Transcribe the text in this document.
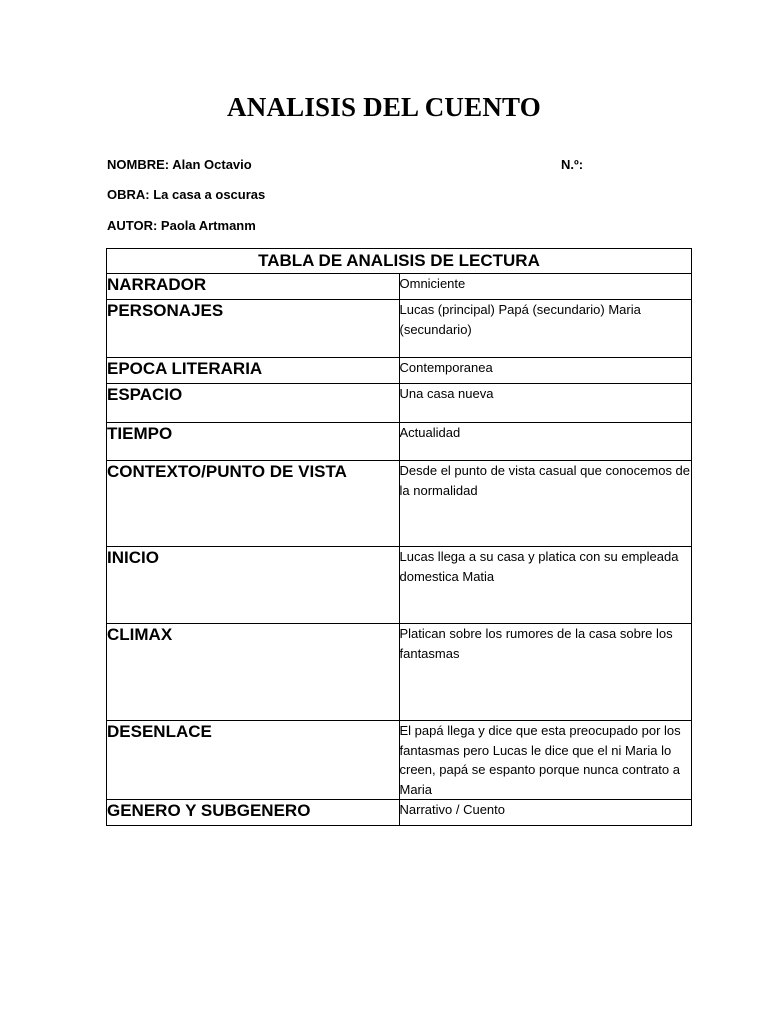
ANALISIS DEL CUENTO
NOMBRE: Alan Octavio	N.º:
OBRA: La casa a oscuras
AUTOR: Paola Artmanm
TABLA DE ANALISIS DE LECTURA	
NARRADOR	Omniciente
PERSONAJES	Lucas (principal) Papá (secundario) Maria (secundario)
EPOCA LITERARIA	Contemporanea
ESPACIO	Una casa nueva
TIEMPO	Actualidad
CONTEXTO/PUNTO DE VISTA	Desde el punto de vista casual que conocemos de la normalidad
INICIO	Lucas llega a su casa y platica con su empleada domestica Matia
CLIMAX	Platican sobre los rumores de la casa sobre los fantasmas
DESENLACE	El papá llega y dice que esta preocupado por los fantasmas pero Lucas le dice que el ni Maria lo creen, papá se espanto porque nunca contrato a Maria
GENERO Y SUBGENERO	Narrativo / Cuento
